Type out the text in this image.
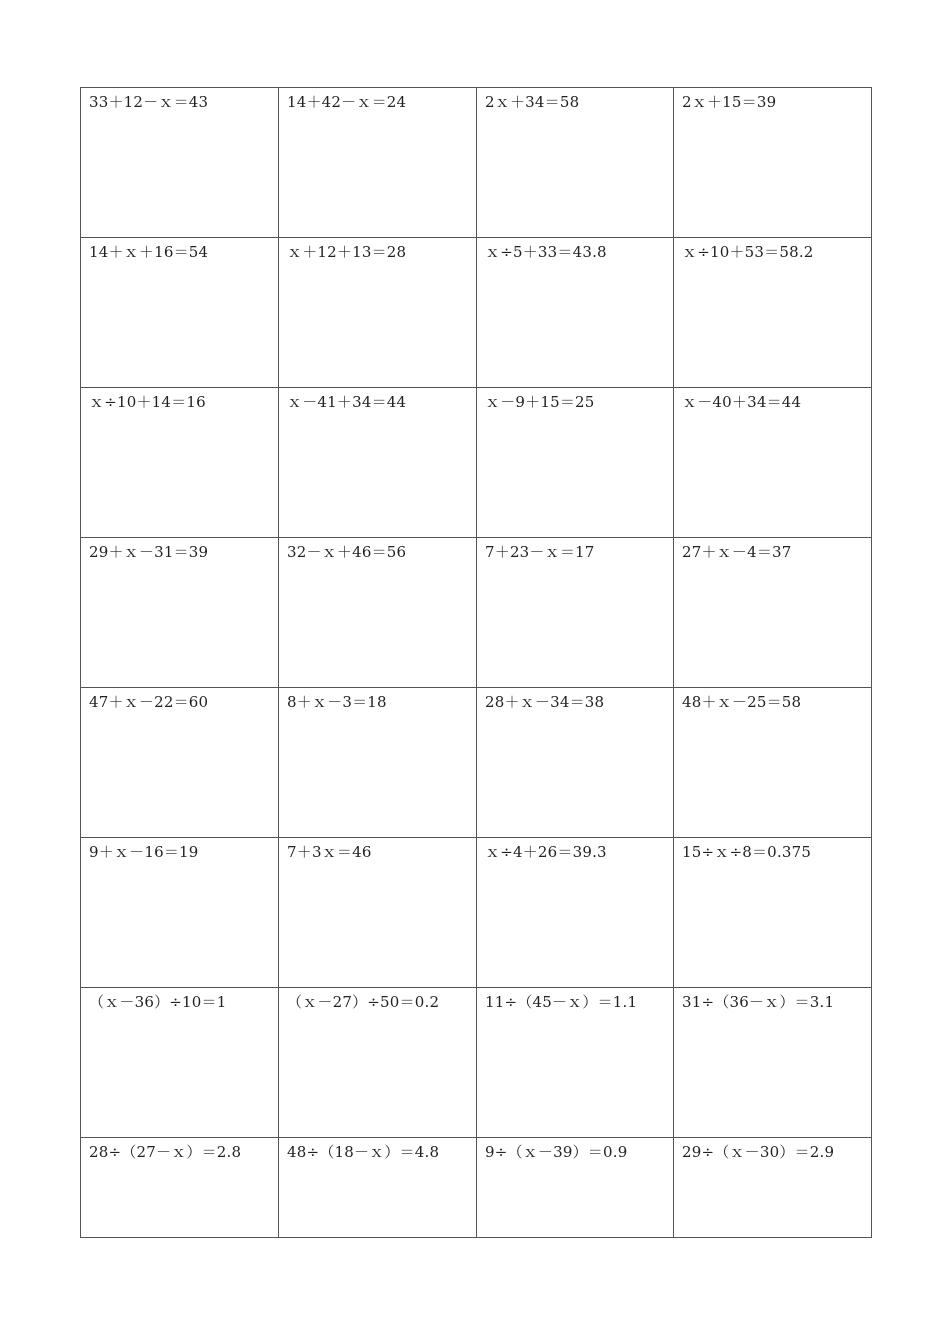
33＋12－ｘ＝43	14＋42－ｘ＝24	2ｘ＋34＝58	2ｘ＋15＝39
14＋ｘ＋16＝54	ｘ＋12＋13＝28	ｘ÷5＋33＝43.8	ｘ÷10＋53＝58.2
ｘ÷10＋14＝16	ｘ－41＋34＝44	ｘ－9＋15＝25	ｘ－40＋34＝44
29＋ｘ－31＝39	32－ｘ＋46＝56	7＋23－ｘ＝17	27＋ｘ－4＝37
47＋ｘ－22＝60	8＋ｘ－3＝18	28＋ｘ－34＝38	48＋ｘ－25＝58
9＋ｘ－16＝19	7＋3ｘ＝46	ｘ÷4＋26＝39.3	15÷ｘ÷8＝0.375
（ｘ－36）÷10＝1	（ｘ－27）÷50＝0.2	11÷（45－ｘ）＝1.1	31÷（36－ｘ）＝3.1
28÷（27－ｘ）＝2.8	48÷（18－ｘ）＝4.8	9÷（ｘ－39）＝0.9	29÷（ｘ－30）＝2.9
